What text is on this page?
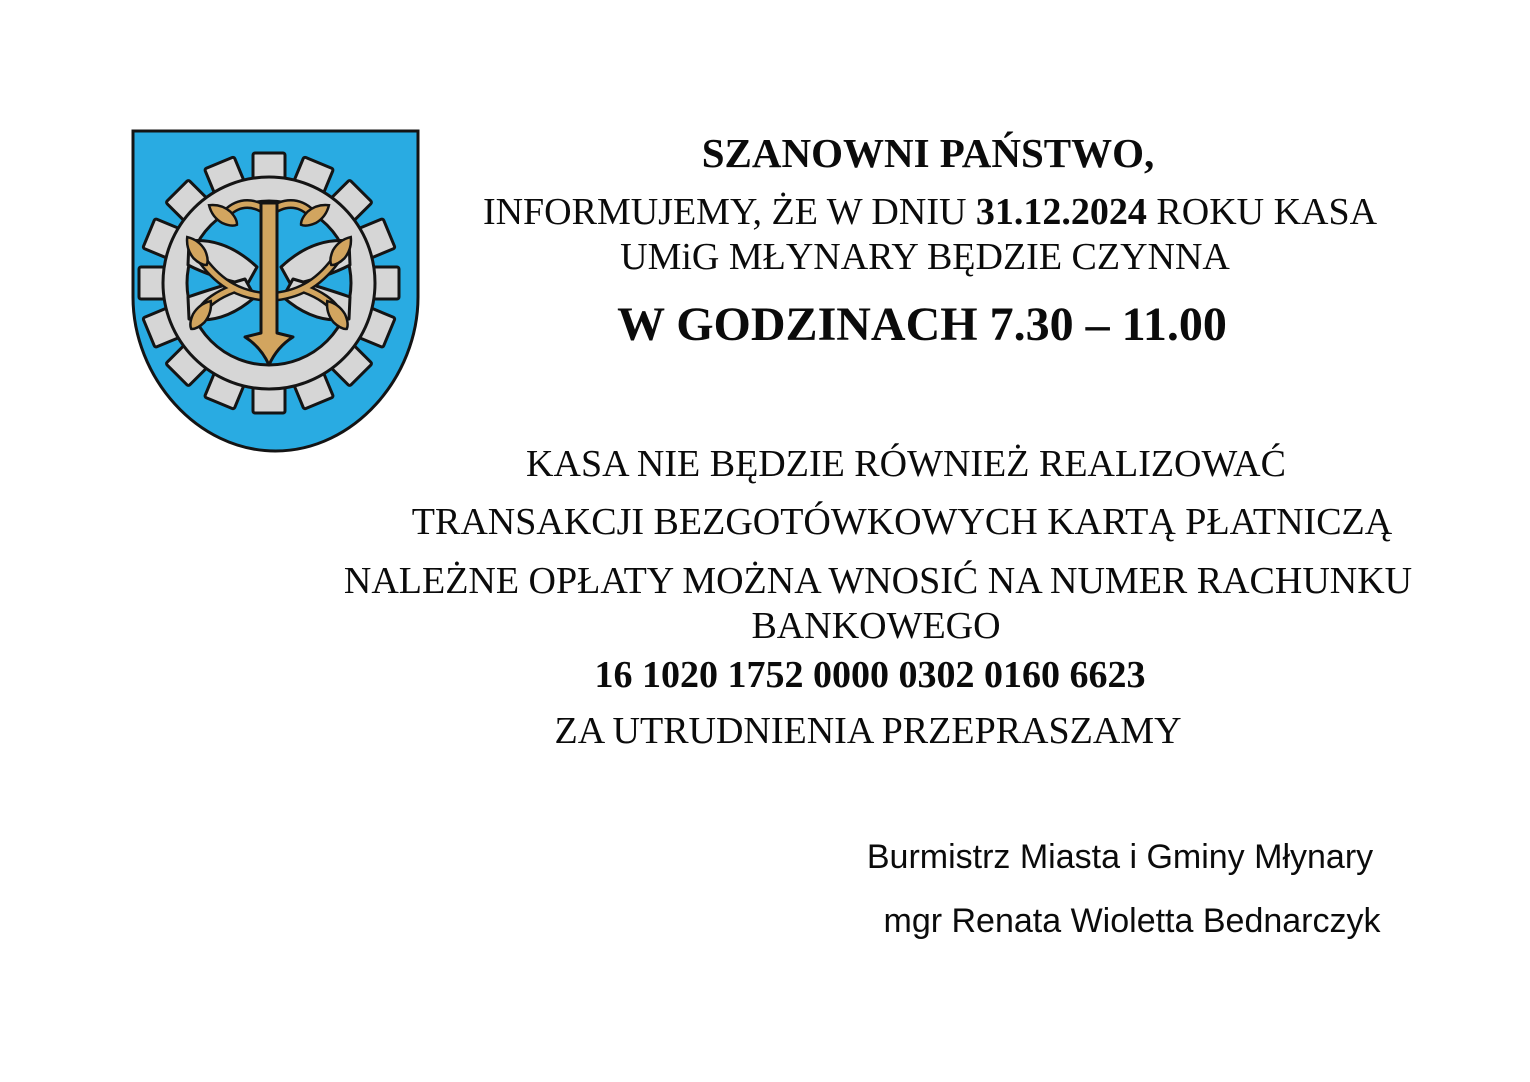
SZANOWNI PAŃSTWO,
INFORMUJEMY, ŻE W DNIU 31.12.2024 ROKU KASA
UMiG MŁYNARY BĘDZIE CZYNNA
W GODZINACH 7.30 – 11.00
KASA NIE BĘDZIE RÓWNIEŻ REALIZOWAĆ
TRANSAKCJI BEZGOTÓWKOWYCH KARTĄ PŁATNICZĄ
NALEŻNE OPŁATY MOŻNA WNOSIĆ NA NUMER RACHUNKU
BANKOWEGO
16 1020 1752 0000 0302 0160 6623
ZA UTRUDNIENIA PRZEPRASZAMY
Burmistrz Miasta i Gminy Młynary
mgr Renata Wioletta Bednarczyk
